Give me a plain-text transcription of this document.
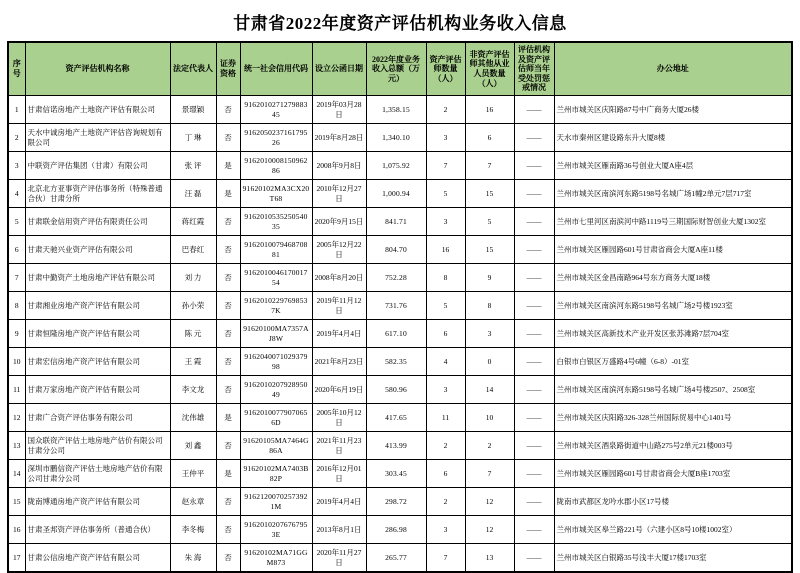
甘肃省2022年度资产评估机构业务收入信息
序号	资产评估机构名称	法定代表人	证券资格	统一社会信用代码	设立公函日期	2022年度业务收入总额（万元）	资产评估师数量（人）	非资产评估师其他从业人员数量（人）	评估机构及资产评估师当年受处罚惩戒情况	办公地址
1	甘肃信诺房地产土地资产评估有限公司	景璟颖	否	916201027127988345	2019年03月28日	1,358.15	2	16	——	兰州市城关区庆阳路87号中广商务大厦26楼
2	天水中诚房地产土地资产评估咨询规划有限公司	丁 琳	否	916205023716179526	2019年8月28日	1,340.10	3	6	——	天水市秦州区建设路东升大厦8楼
3	中联资产评估集团（甘肃）有限公司	张 评	是	916201000815096286	2008年9月8日	1,075.92	7	7	——	兰州市城关区雁南路36号创业大厦A座4层
4	北京北方亚事资产评估事务所（特殊普通合伙）甘肃分所	汪 磊	是	91620102MA3CX20T68	2010年12月27日	1,000.94	5	15	——	兰州市城关区南滨河东路5198号名城广场1幢2单元7层717室
5	甘肃联金信用资产评估有限责任公司	蒋红霞	否	916201053525054035	2020年9月15日	841.71	3	5	——	兰州市七里河区南滨河中路1119号三期国际财智创业大厦1302室
6	甘肃天驰兴业资产评估有限公司	巴春红	否	916201007946870881	2005年12月22日	804.70	16	15	——	兰州市城关区雁园路601号甘肃省商会大厦A座11楼
7	甘肃中勤资产土地房地产评估有限公司	刘 力	否	916201004617001754	2008年8月20日	752.28	8	9	——	兰州市城关区金昌南路964号东方商务大厦18楼
8	甘肃湘业房地产资产评估有限公司	孙小荣	否	91620102297698537K	2019年11月12日	731.76	5	8	——	兰州市城关区南滨河东路5198号名城广场2号楼1923室
9	甘肃恒隆房地产资产评估有限公司	陈 元	否	91620100MA7357AJ8W	2019年4月4日	617.10	6	3	——	兰州市城关区高新技术产业开发区张苏滩路7层704室
10	甘肃宏信房地产资产评估有限公司	王 霞	否	916204007102937998	2021年8月23日	582.35	4	0	——	白银市白银区万盛路4号6幢（6-8）-01室
11	甘肃万家房地产资产评估有限公司	李文龙	否	916201020792895049	2020年6月19日	580.96	3	14	——	兰州市城关区南滨河东路5198号名城广场4号楼2507、2508室
12	甘肃广合资产评估事务有限公司	沈伟雄	是	91620100779070656D	2005年10月12日	417.65	11	10	——	兰州市城关区庆阳路326-328兰州国际贸易中心1401号
13	国众联资产评估土地房地产估价有限公司甘肃分公司	刘 鑫	否	91620105MA7464G86A	2021年11月23日	413.99	2	2	——	兰州市城关区酒泉路街道中山路275号2单元21楼003号
14	深圳市鹏信资产评估土地房地产估价有限公司甘肃分公司	王仲平	是	91620102MA7403B82P	2016年12月01日	303.45	6	7	——	兰州市城关区雁园路601号甘肃省商会大厦B座1703室
15	陇南博通房地产资产评估有限公司	赵永章	否	91621200702573921M	2019年4月4日	298.72	2	12	——	陇南市武都区龙吟水郡小区17号楼
16	甘肃圣邦资产评估事务所（普通合伙）	李冬梅	否	91620102076767953E	2013年8月1日	286.98	3	12	——	兰州市城关区皋兰路221号（六建小区8号10楼1002室）
17	甘肃公信房地产资产评估有限公司	朱 海	否	91620102MA71GGM873	2020年11月27日	265.77	7	13	——	兰州市城关区白银路35号浅丰大厦17楼1703室
